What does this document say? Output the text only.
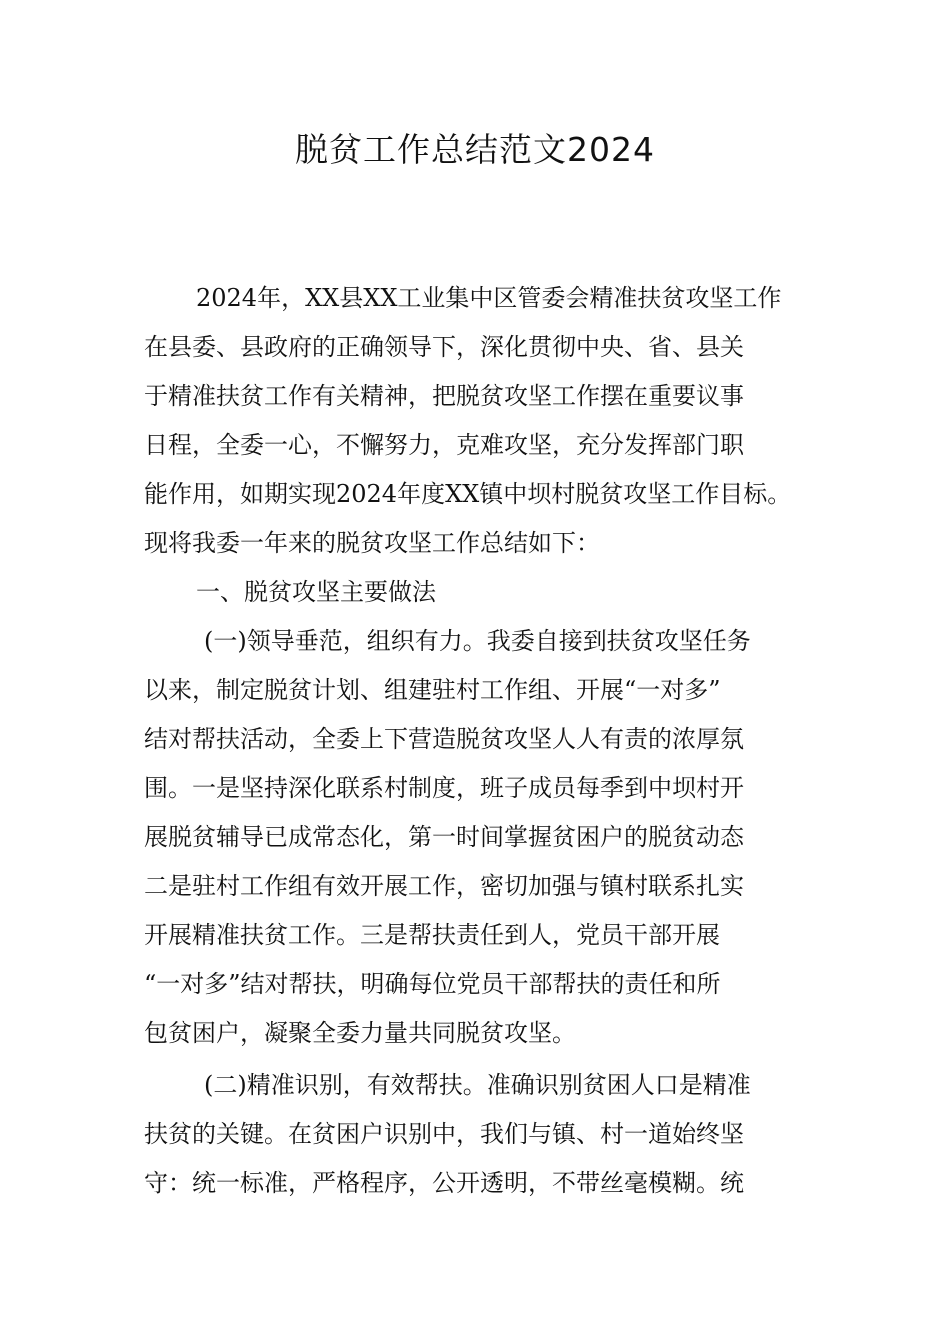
脱贫工作总结范文2024
2024年，XX县XX工业集中区管委会精准扶贫攻坚工作
在县委、县政府的正确领导下，深化贯彻中央、省、县关
于精准扶贫工作有关精神，把脱贫攻坚工作摆在重要议事
日程，全委一心，不懈努力，克难攻坚，充分发挥部门职
能作用，如期实现2024年度XX镇中坝村脱贫攻坚工作目标。
现将我委一年来的脱贫攻坚工作总结如下：
一、脱贫攻坚主要做法
(一)领导垂范，组织有力。我委自接到扶贫攻坚任务
以来，制定脱贫计划、组建驻村工作组、开展“一对多”
结对帮扶活动，全委上下营造脱贫攻坚人人有责的浓厚氛
围。一是坚持深化联系村制度，班子成员每季到中坝村开
展脱贫辅导已成常态化，第一时间掌握贫困户的脱贫动态
二是驻村工作组有效开展工作，密切加强与镇村联系扎实
开展精准扶贫工作。三是帮扶责任到人，党员干部开展
“一对多”结对帮扶，明确每位党员干部帮扶的责任和所
包贫困户，凝聚全委力量共同脱贫攻坚。
(二)精准识别，有效帮扶。准确识别贫困人口是精准
扶贫的关键。在贫困户识别中，我们与镇、村一道始终坚
守：统一标准，严格程序，公开透明，不带丝毫模糊。统
